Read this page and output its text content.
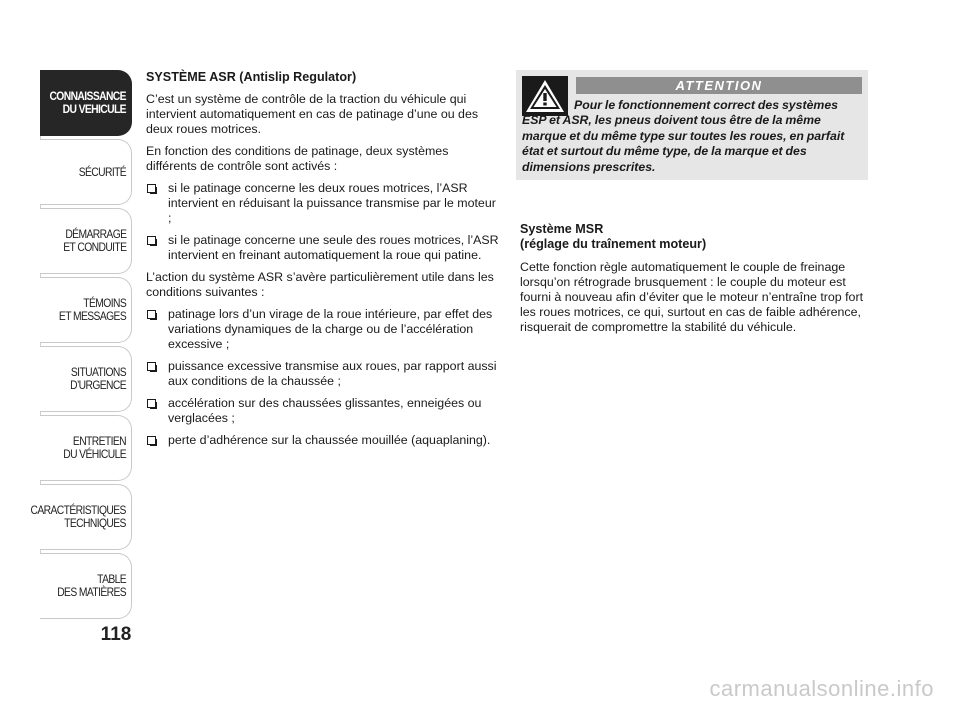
CONNAISSANCE
DU VEHICULE
SÉCURITÉ
DÉMARRAGE
ET CONDUITE
TÉMOINS
ET MESSAGES
SITUATIONS
D’URGENCE
ENTRETIEN
DU VÉHICULE
CARACTÉRISTIQUES
TECHNIQUES
TABLE
DES MATIÈRES
118
SYSTÈME ASR (Antislip Regulator)

C’est un système de contrôle de la traction du véhicule qui intervient automatiquement en cas de patinage d’une ou des deux roues motrices.

En fonction des conditions de patinage, deux systèmes différents de contrôle sont activés :

si le patinage concerne les deux roues motrices, l’ASR intervient en réduisant la puissance transmise par le moteur ;
si le patinage concerne une seule des roues motrices, l’ASR intervient en freinant automatiquement la roue qui patine.

L’action du système ASR s’avère particulièrement utile dans les conditions suivantes :

patinage lors d’un virage de la roue intérieure, par effet des variations dynamiques de la charge ou de l’accélération excessive ;
puissance excessive transmise aux roues, par rapport aussi aux conditions de la chaussée ;
accélération sur des chaussées glissantes, enneigées ou verglacées ;
perte d’adhérence sur la chaussée mouillée (aquaplaning).
ATTENTION
Pour le fonctionnement correct des systèmes ESP et ASR, les pneus doivent tous être de la même marque et du même type sur toutes les roues, en parfait état et surtout du même type, de la marque et des dimensions prescrites.
Système MSR
(réglage du traînement moteur)

Cette fonction règle automatiquement le couple de freinage lorsqu’on rétrograde brusquement : le couple du moteur est fourni à nouveau afin d’éviter que le moteur n’entraîne trop fort les roues motrices, ce qui, surtout en cas de faible adhérence, risquerait de compromettre la stabilité du véhicule.

carmanualsonline.info
